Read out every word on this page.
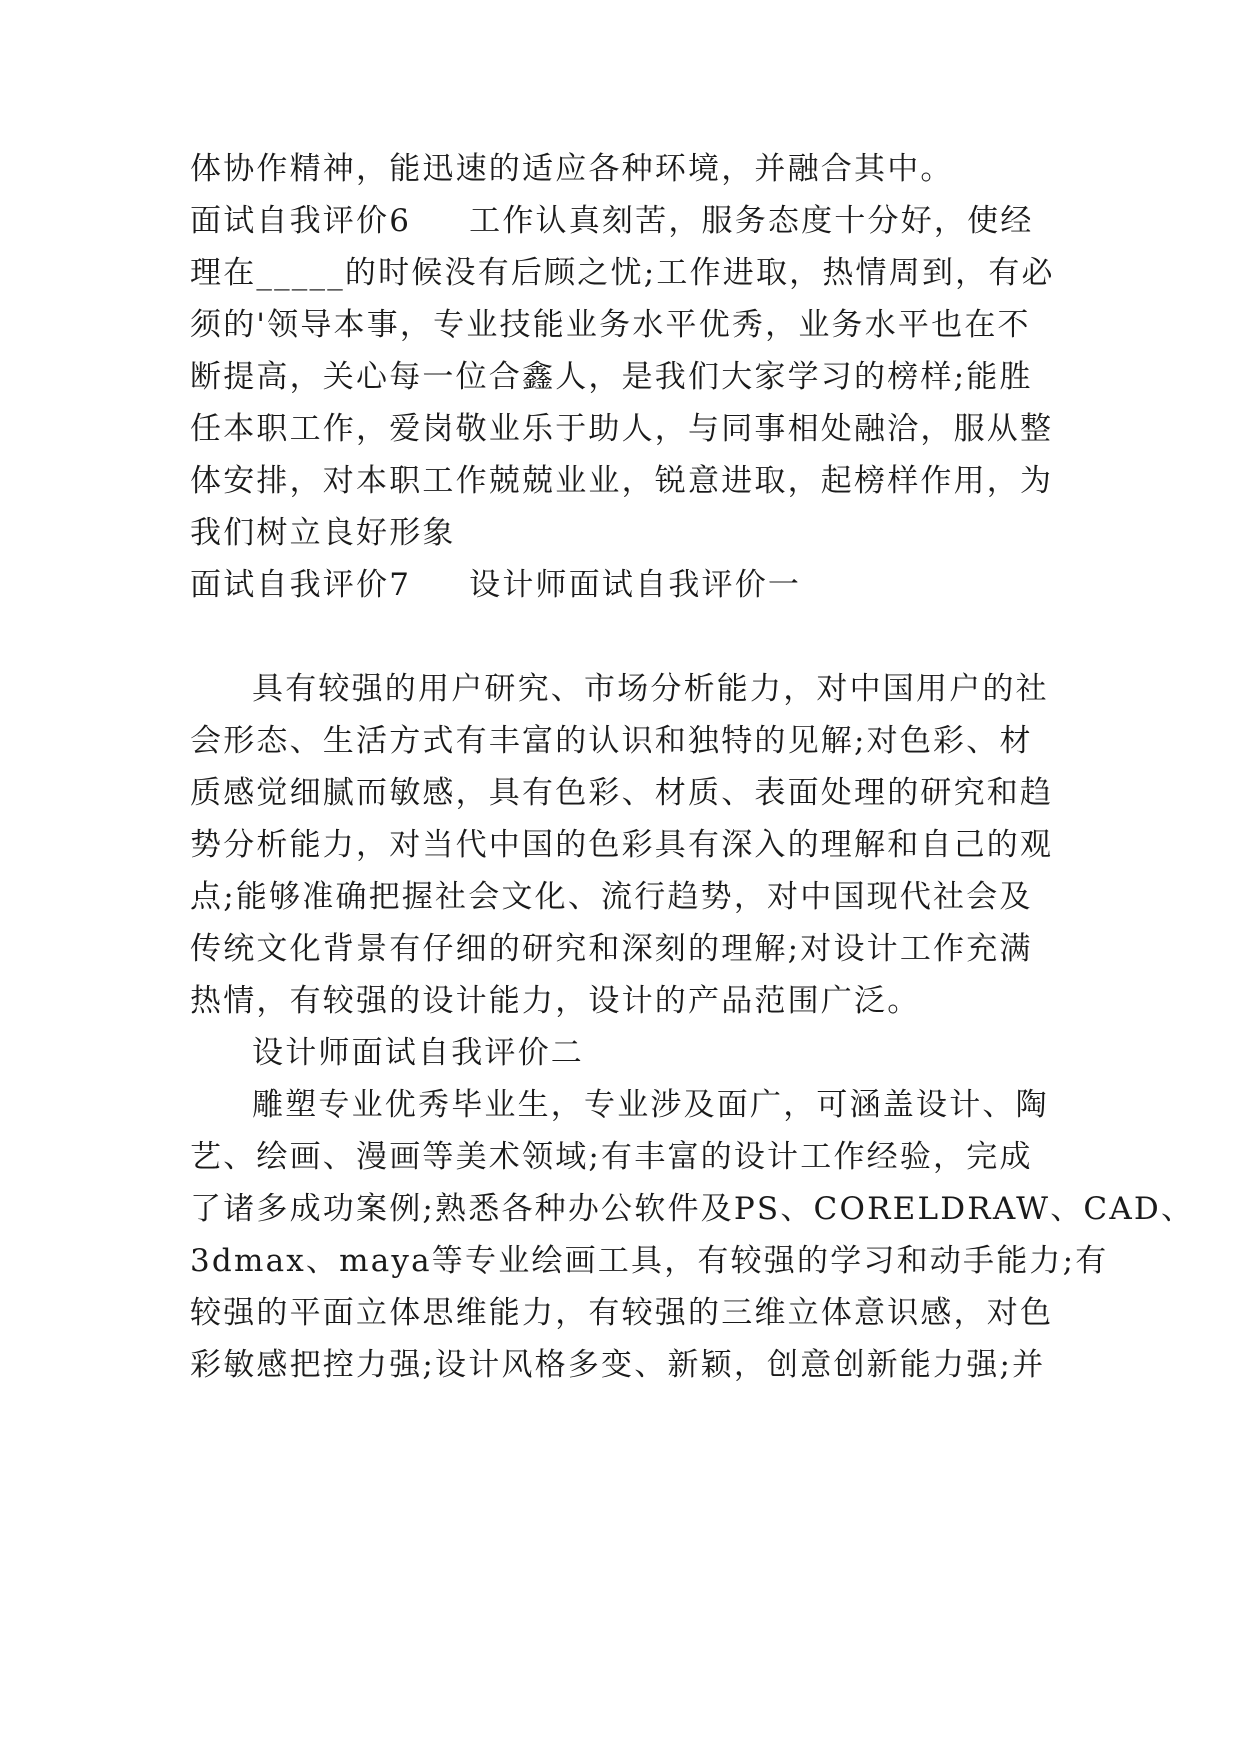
体协作精神，能迅速的适应各种环境，并融合其中。
面试自我评价6 工作认真刻苦，服务态度十分好，使经
理在_____的时候没有后顾之忧;工作进取，热情周到，有必
须的'领导本事，专业技能业务水平优秀，业务水平也在不
断提高，关心每一位合鑫人，是我们大家学习的榜样;能胜
任本职工作，爱岗敬业乐于助人，与同事相处融洽，服从整
体安排，对本职工作兢兢业业，锐意进取，起榜样作用，为
我们树立良好形象
面试自我评价7 设计师面试自我评价一
具有较强的用户研究、市场分析能力，对中国用户的社
会形态、生活方式有丰富的认识和独特的见解;对色彩、材
质感觉细腻而敏感，具有色彩、材质、表面处理的研究和趋
势分析能力，对当代中国的色彩具有深入的理解和自己的观
点;能够准确把握社会文化、流行趋势，对中国现代社会及
传统文化背景有仔细的研究和深刻的理解;对设计工作充满
热情，有较强的设计能力，设计的产品范围广泛。
设计师面试自我评价二
雕塑专业优秀毕业生，专业涉及面广，可涵盖设计、陶
艺、绘画、漫画等美术领域;有丰富的设计工作经验，完成
了诸多成功案例;熟悉各种办公软件及PS、CORELDRAW、CAD、
3dmax、maya等专业绘画工具，有较强的学习和动手能力;有
较强的平面立体思维能力，有较强的三维立体意识感，对色
彩敏感把控力强;设计风格多变、新颖，创意创新能力强;并
